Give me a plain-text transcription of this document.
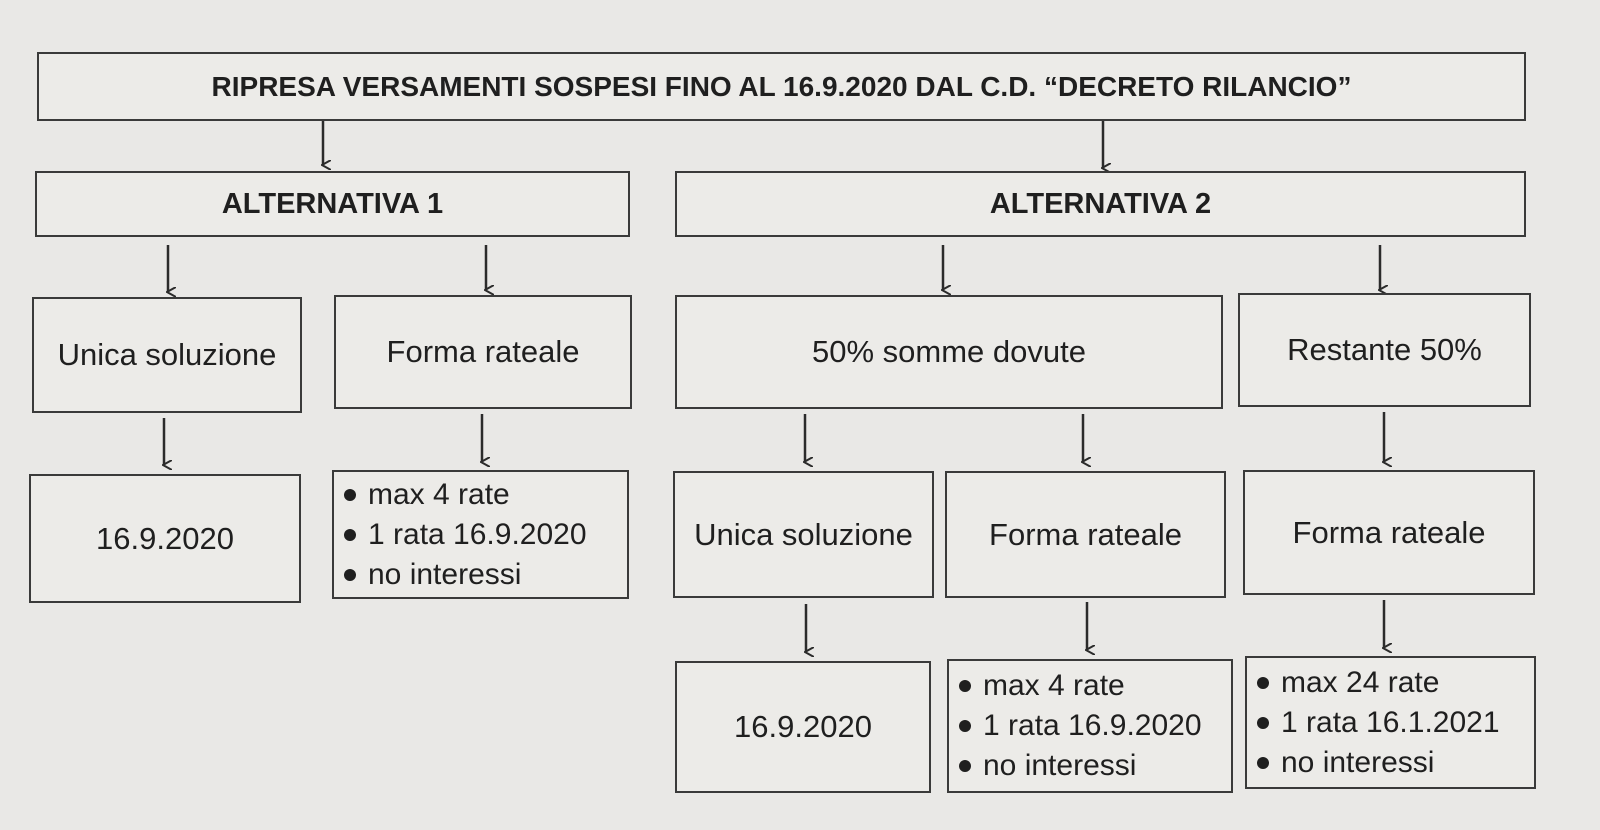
RIPRESA VERSAMENTI SOSPESI FINO AL 16.9.2020 DAL C.D. “DECRETO RILANCIO”
ALTERNATIVA 1	ALTERNATIVA 2
Unica soluzione	Forma rateale	50% somme dovute	Restante 50%
16.9.2020
max 4 rate
1 rata 16.9.2020
no interessi
Unica soluzione Forma rateale	Forma rateale
16.9.2020
max 4 rate
1 rata 16.9.2020
no interessi
max 24 rate
1 rata 16.1.2021
no interessi
